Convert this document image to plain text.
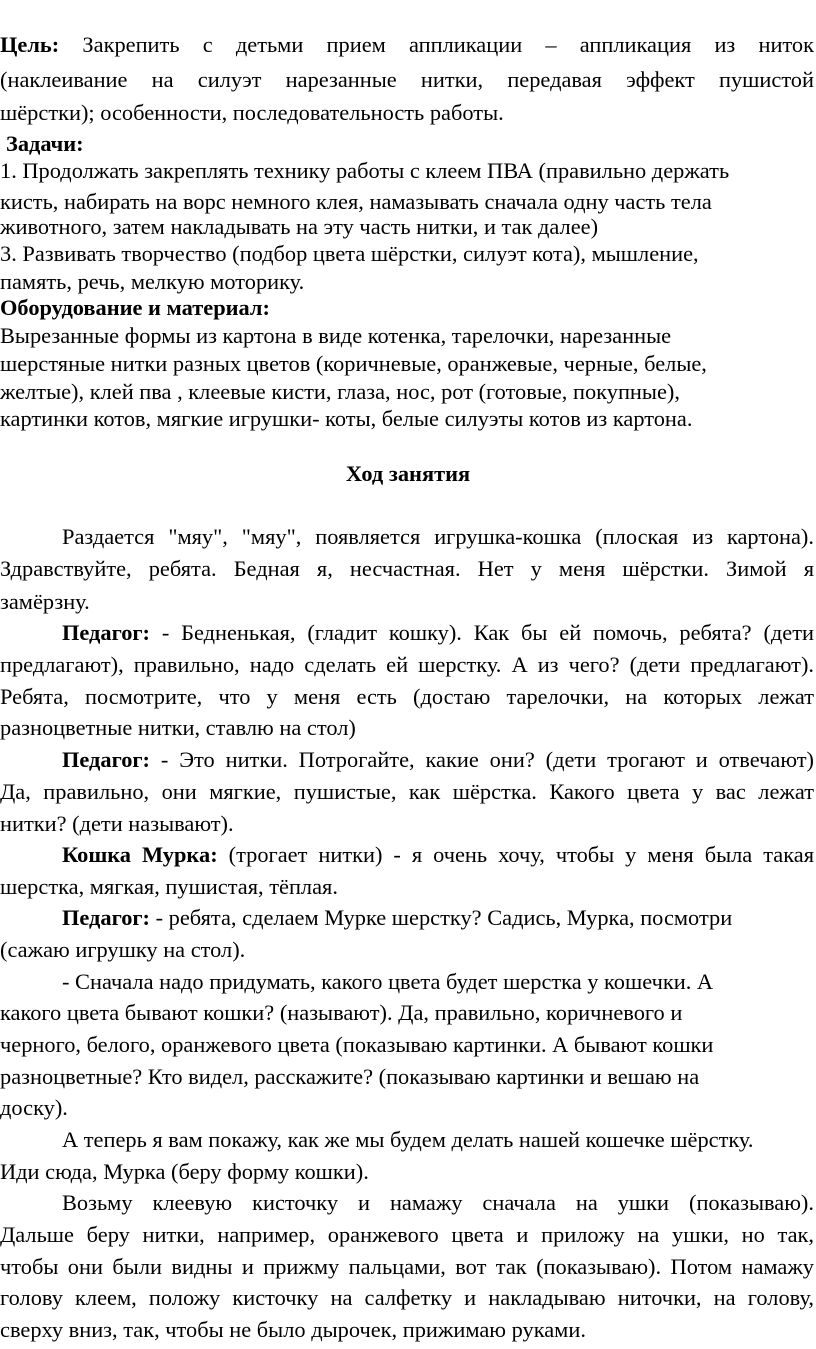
Цель: Закрепить с детьми прием аппликации – аппликация из ниток
(наклеивание на силуэт нарезанные нитки, передавая эффект пушистой
шёрстки); особенности, последовательность работы.
Задачи:
1. Продолжать закреплять технику работы с клеем ПВА (правильно держать
кисть, набирать на ворс немного клея, намазывать сначала одну часть тела
животного, затем накладывать на эту часть нитки, и так далее)
3. Развивать творчество (подбор цвета шёрстки, силуэт кота), мышление,
память, речь, мелкую моторику.
Оборудование и материал:
Вырезанные формы из картона в виде котенка, тарелочки, нарезанные
шерстяные нитки разных цветов (коричневые, оранжевые, черные, белые,
желтые), клей пва , клеевые кисти, глаза, нос, рот (готовые, покупные),
картинки котов, мягкие игрушки- коты, белые силуэты котов из картона.
Ход занятия
Раздается "мяу", "мяу", появляется игрушка-кошка (плоская из картона).
Здравствуйте, ребята. Бедная я, несчастная. Нет у меня шёрстки. Зимой я
замёрзну.
Педагог: - Бедненькая, (гладит кошку). Как бы ей помочь, ребята? (дети
предлагают), правильно, надо сделать ей шерстку. А из чего? (дети предлагают).
Ребята, посмотрите, что у меня есть (достаю тарелочки, на которых лежат
разноцветные нитки, ставлю на стол)
Педагог: - Это нитки. Потрогайте, какие они? (дети трогают и отвечают)
Да, правильно, они мягкие, пушистые, как шёрстка. Какого цвета у вас лежат
нитки? (дети называют).
Кошка Мурка: (трогает нитки) - я очень хочу, чтобы у меня была такая
шерстка, мягкая, пушистая, тёплая.
Педагог: - ребята, сделаем Мурке шерстку? Садись, Мурка, посмотри
(сажаю игрушку на стол).
- Сначала надо придумать, какого цвета будет шерстка у кошечки. А
какого цвета бывают кошки? (называют). Да, правильно, коричневого и
черного, белого, оранжевого цвета (показываю картинки. А бывают кошки
разноцветные? Кто видел, расскажите? (показываю картинки и вешаю на
доску).
А теперь я вам покажу, как же мы будем делать нашей кошечке шёрстку.
Иди сюда, Мурка (беру форму кошки).
Возьму клеевую кисточку и намажу сначала на ушки (показываю).
Дальше беру нитки, например, оранжевого цвета и приложу на ушки, но так,
чтобы они были видны и прижму пальцами, вот так (показываю). Потом намажу
голову клеем, положу кисточку на салфетку и накладываю ниточки, на голову,
сверху вниз, так, чтобы не было дырочек, прижимаю руками.
